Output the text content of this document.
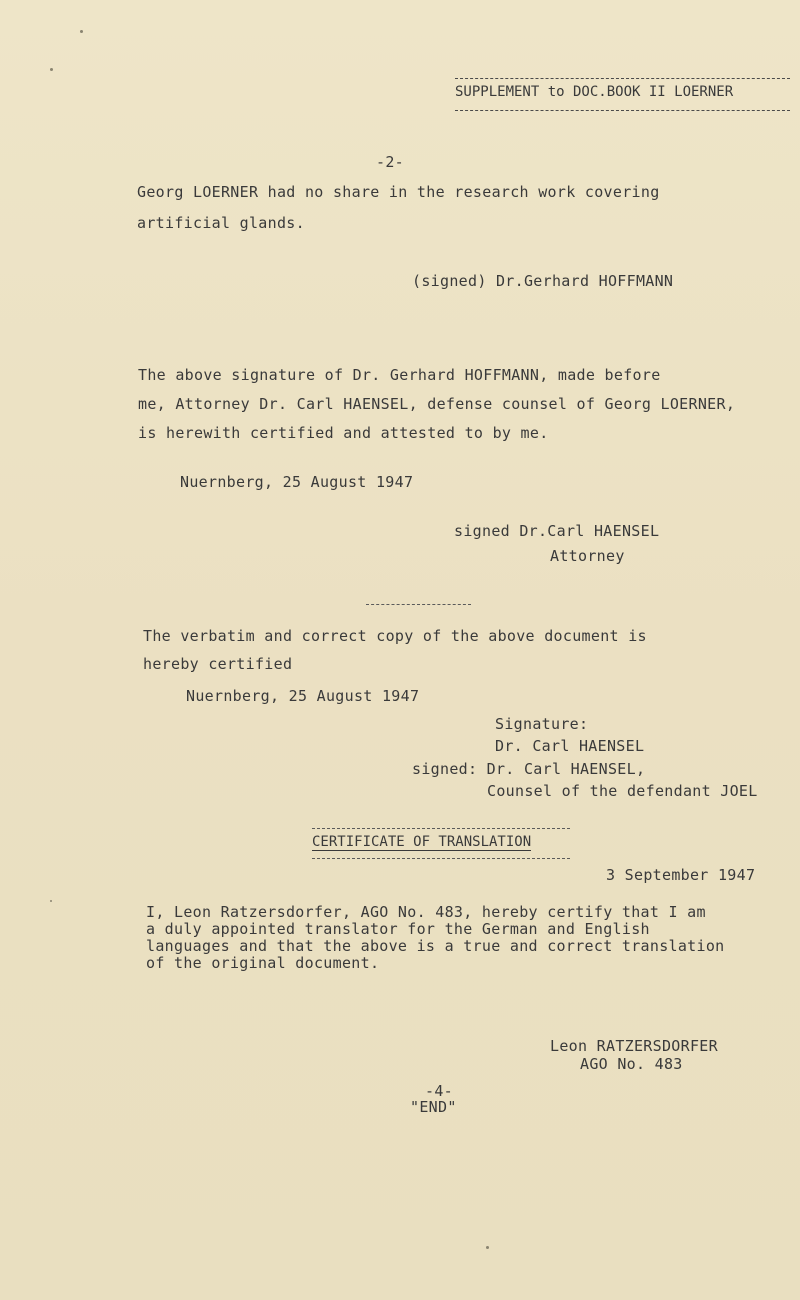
SUPPLEMENT to DOC.BOOK II LOERNER
-2-
Georg LOERNER had no share in the research work covering
artificial glands.
(signed) Dr.Gerhard HOFFMANN
The above signature of Dr. Gerhard HOFFMANN, made before
me, Attorney Dr. Carl HAENSEL, defense counsel of Georg LOERNER,
is herewith certified and attested to by me.
Nuernberg, 25 August 1947
signed Dr.Carl HAENSEL
Attorney
The verbatim and correct copy of the above document is
hereby certified
Nuernberg, 25 August 1947
Signature:
Dr. Carl HAENSEL
signed: Dr. Carl HAENSEL,
Counsel of the defendant JOEL
CERTIFICATE OF TRANSLATION
3 September 1947
I, Leon Ratzersdorfer, AGO No. 483, hereby certify that I am
a duly appointed translator for the German and English
languages and that the above is a true and correct translation
of the original document.
Leon RATZERSDORFER
AGO No. 483
-4-
"END"
